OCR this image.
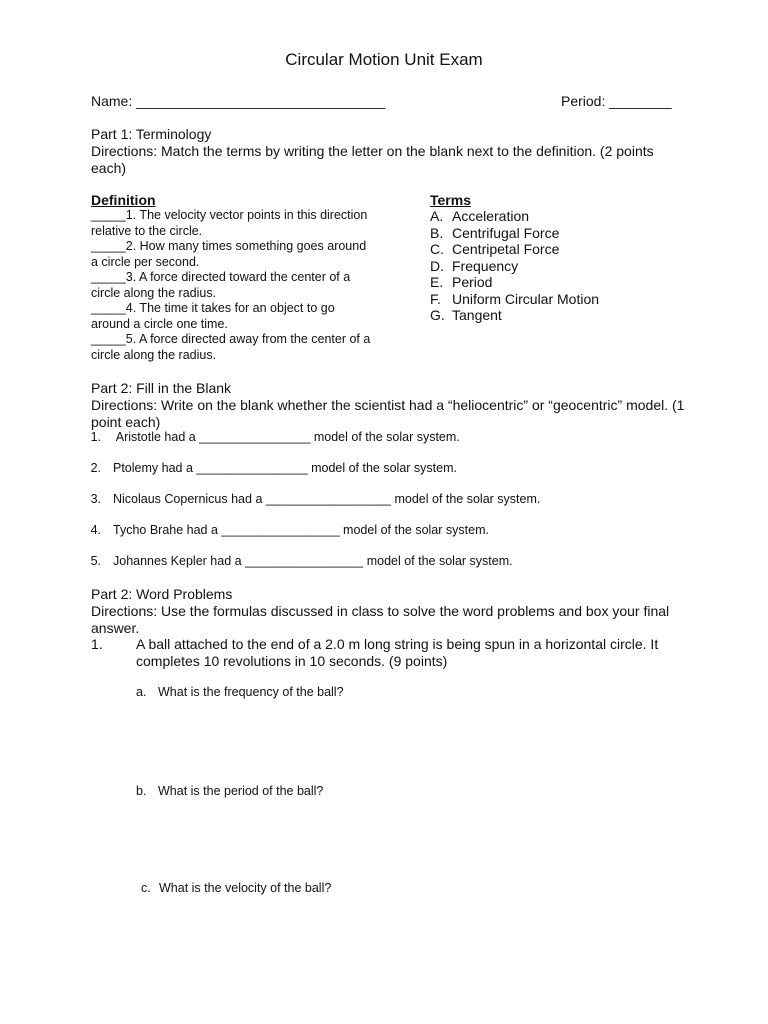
Circular Motion Unit Exam
Name: ________________________________	Period: ________
Part 1: Terminology
Directions: Match the terms by writing the letter on the blank next to the definition. (2 points each)
Definition
_____1. The velocity vector points in this direction relative to the circle.
_____2. How many times something goes around a circle per second.
_____3. A force directed toward the center of a circle along the radius.
_____4. The time it takes for an object to go around a circle one time.
_____5. A force directed away from the center of a circle along the radius.
Terms
A. Acceleration
B. Centrifugal Force
C. Centripetal Force
D. Frequency
E. Period
F. Uniform Circular Motion
G. Tangent
Part 2: Fill in the Blank
Directions: Write on the blank whether the scientist had a “heliocentric” or “geocentric” model. (1 point each)
1. Aristotle had a ________________ model of the solar system.
2. Ptolemy had a ________________ model of the solar system.
3. Nicolaus Copernicus had a __________________ model of the solar system.
4. Tycho Brahe had a _________________ model of the solar system.
5. Johannes Kepler had a _________________ model of the solar system.
Part 2: Word Problems
Directions: Use the formulas discussed in class to solve the word problems and box your final answer.
1.	A ball attached to the end of a 2.0 m long string is being spun in a horizontal circle. It completes 10 revolutions in 10 seconds. (9 points)
a. What is the frequency of the ball?
b. What is the period of the ball?
c. What is the velocity of the ball?
